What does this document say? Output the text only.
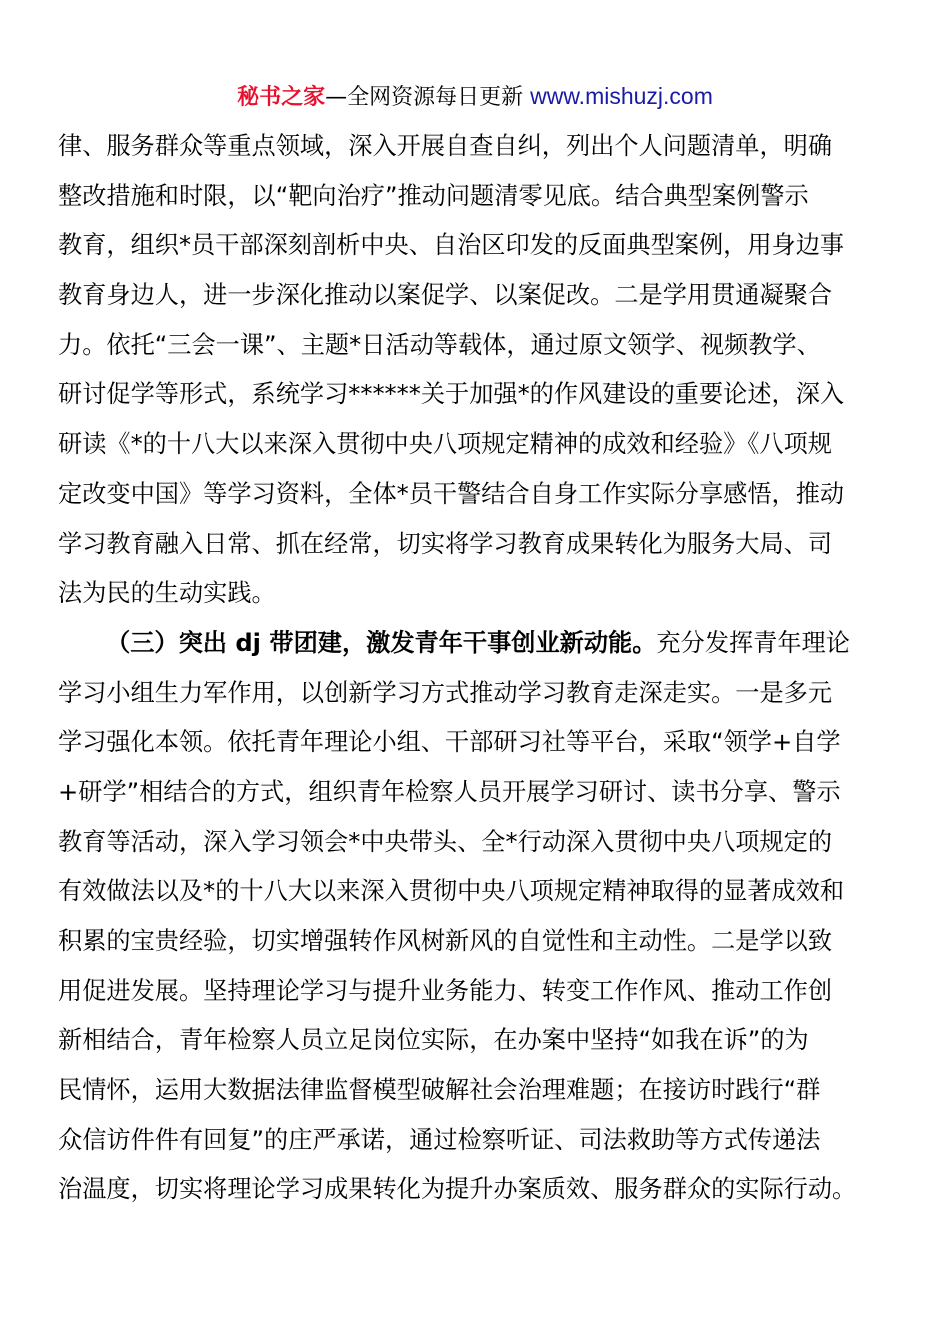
秘书之家—全网资源每日更新 www.mishuzj.com
律、服务群众等重点领域，深入开展自查自纠，列出个人问题清单，明确
整改措施和时限，以“靶向治疗”推动问题清零见底。结合典型案例警示
教育，组织*员干部深刻剖析中央、自治区印发的反面典型案例，用身边事
教育身边人，进一步深化推动以案促学、以案促改。二是学用贯通凝聚合
力。依托“三会一课”、主题*日活动等载体，通过原文领学、视频教学、
研讨促学等形式，系统学习******关于加强*的作风建设的重要论述，深入
研读《*的十八大以来深入贯彻中央八项规定精神的成效和经验》《八项规
定改变中国》等学习资料，全体*员干警结合自身工作实际分享感悟，推动
学习教育融入日常、抓在经常，切实将学习教育成果转化为服务大局、司
法为民的生动实践。
（三）突出 dj 带团建，激发青年干事创业新动能。充分发挥青年理论
学习小组生力军作用，以创新学习方式推动学习教育走深走实。一是多元
学习强化本领。依托青年理论小组、干部研习社等平台，采取“领学+自学
+研学”相结合的方式，组织青年检察人员开展学习研讨、读书分享、警示
教育等活动，深入学习领会*中央带头、全*行动深入贯彻中央八项规定的
有效做法以及*的十八大以来深入贯彻中央八项规定精神取得的显著成效和
积累的宝贵经验，切实增强转作风树新风的自觉性和主动性。二是学以致
用促进发展。坚持理论学习与提升业务能力、转变工作作风、推动工作创
新相结合，青年检察人员立足岗位实际，在办案中坚持“如我在诉”的为
民情怀，运用大数据法律监督模型破解社会治理难题；在接访时践行“群
众信访件件有回复”的庄严承诺，通过检察听证、司法救助等方式传递法
治温度，切实将理论学习成果转化为提升办案质效、服务群众的实际行动。
